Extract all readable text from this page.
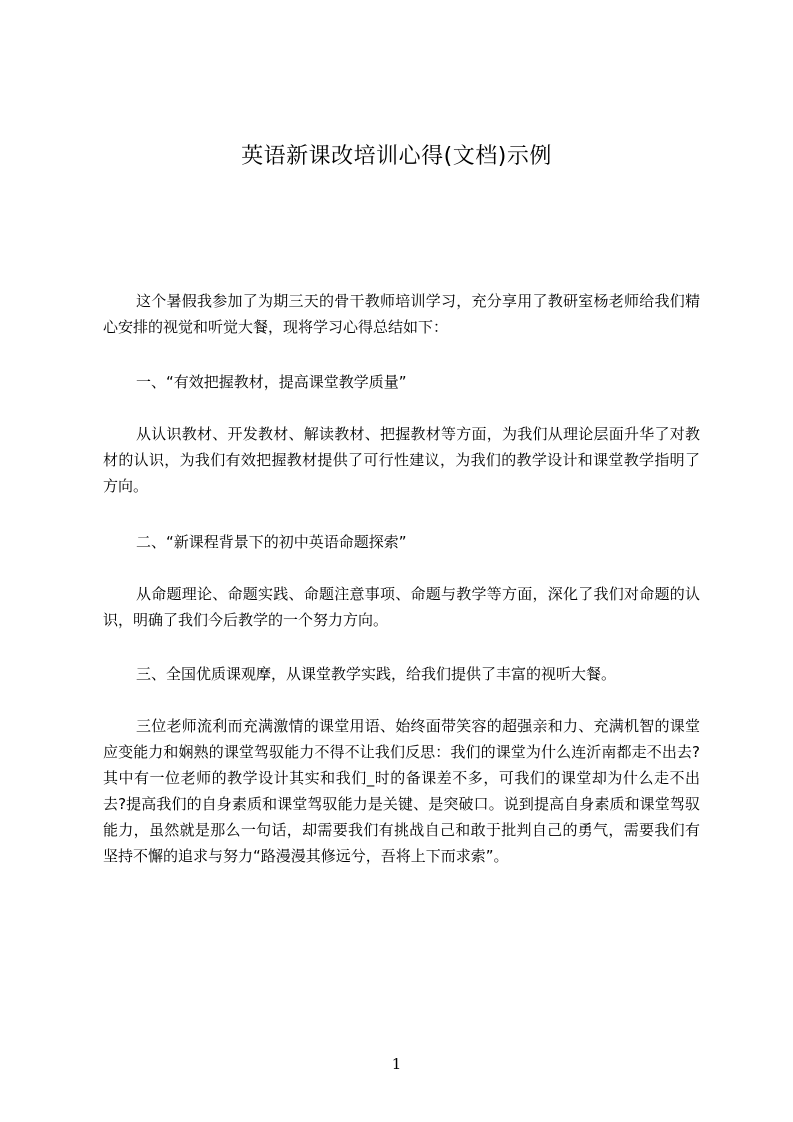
英语新课改培训心得(文档)示例

这个暑假我参加了为期三天的骨干教师培训学习，充分享用了教研室杨老师给我们精心安排的视觉和听觉大餐，现将学习心得总结如下：

一、“有效把握教材，提高课堂教学质量”

从认识教材、开发教材、解读教材、把握教材等方面，为我们从理论层面升华了对教材的认识，为我们有效把握教材提供了可行性建议，为我们的教学设计和课堂教学指明了方向。

二、“新课程背景下的初中英语命题探索”

从命题理论、命题实践、命题注意事项、命题与教学等方面，深化了我们对命题的认识，明确了我们今后教学的一个努力方向。

三、全国优质课观摩，从课堂教学实践，给我们提供了丰富的视听大餐。

三位老师流利而充满激情的课堂用语、始终面带笑容的超强亲和力、充满机智的课堂应变能力和娴熟的课堂驾驭能力不得不让我们反思：我们的课堂为什么连沂南都走不出去?其中有一位老师的教学设计其实和我们_时的备课差不多，可我们的课堂却为什么走不出去?提高我们的自身素质和课堂驾驭能力是关键、是突破口。说到提高自身素质和课堂驾驭能力，虽然就是那么一句话，却需要我们有挑战自己和敢于批判自己的勇气，需要我们有坚持不懈的追求与努力“路漫漫其修远兮，吾将上下而求索”。

1
